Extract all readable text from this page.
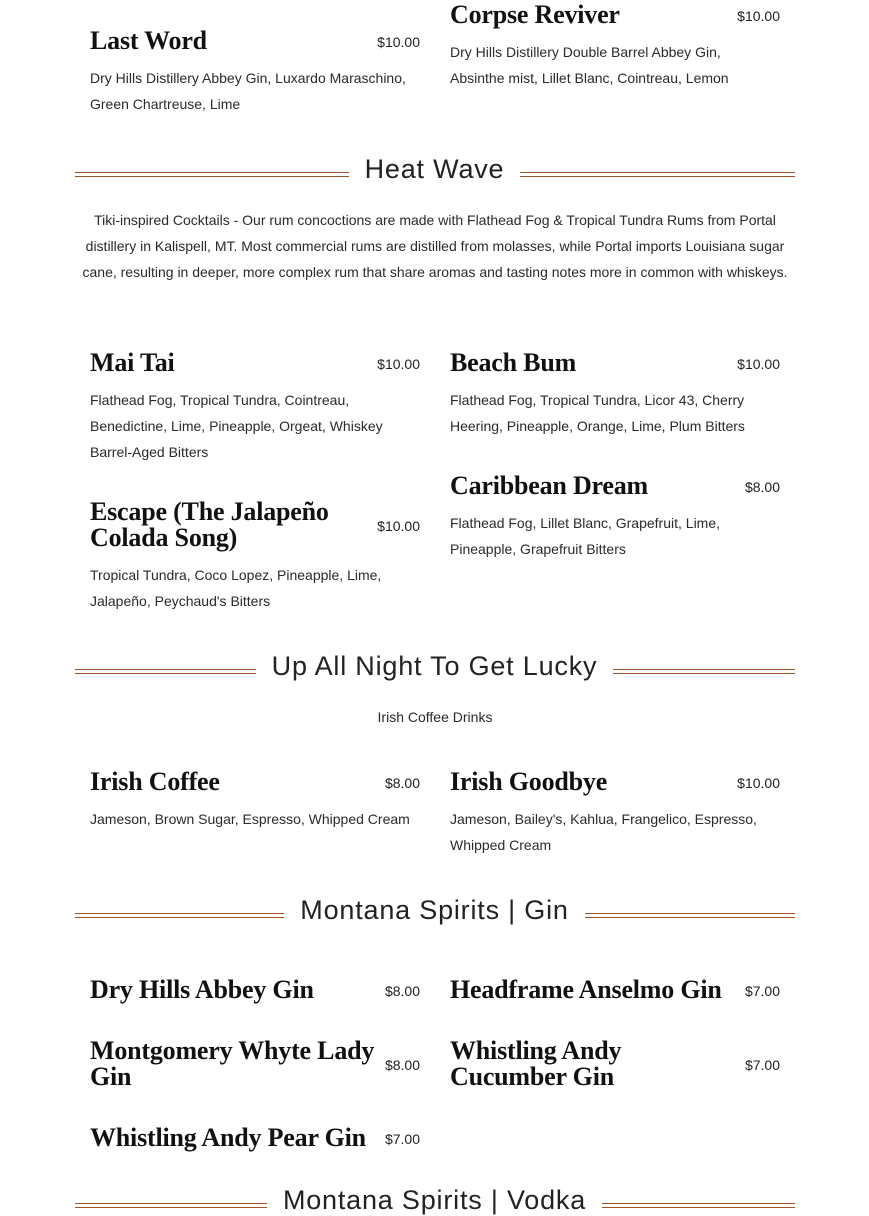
Last Word	$10.00
Dry Hills Distillery Abbey Gin, Luxardo Maraschino, Green Chartreuse, Lime
Corpse Reviver	$10.00
Dry Hills Distillery Double Barrel Abbey Gin, Absinthe mist, Lillet Blanc, Cointreau, Lemon
Heat Wave
Tiki-inspired Cocktails - Our rum concoctions are made with Flathead Fog & Tropical Tundra Rums from Portal distillery in Kalispell, MT. Most commercial rums are distilled from molasses, while Portal imports Louisiana sugar cane, resulting in deeper, more complex rum that share aromas and tasting notes more in common with whiskeys.
Mai Tai	$10.00
Flathead Fog, Tropical Tundra, Cointreau, Benedictine, Lime, Pineapple, Orgeat, Whiskey Barrel-Aged Bitters
Beach Bum	$10.00
Flathead Fog, Tropical Tundra, Licor 43, Cherry Heering, Pineapple, Orange, Lime, Plum Bitters
Caribbean Dream	$8.00
Flathead Fog, Lillet Blanc, Grapefruit, Lime, Pineapple, Grapefruit Bitters
Escape (The Jalapeño Colada Song)	$10.00
Tropical Tundra, Coco Lopez, Pineapple, Lime, Jalapeño, Peychaud's Bitters
Up All Night To Get Lucky
Irish Coffee Drinks
Irish Coffee	$8.00
Jameson, Brown Sugar, Espresso, Whipped Cream
Irish Goodbye	$10.00
Jameson, Bailey's, Kahlua, Frangelico, Espresso, Whipped Cream
Montana Spirits | Gin
Dry Hills Abbey Gin	$8.00 Headframe Anselmo Gin	$7.00
Montgomery Whyte Lady Gin	$8.00 Whistling Andy Cucumber Gin	$7.00
Whistling Andy Pear Gin	$7.00
Montana Spirits | Vodka
